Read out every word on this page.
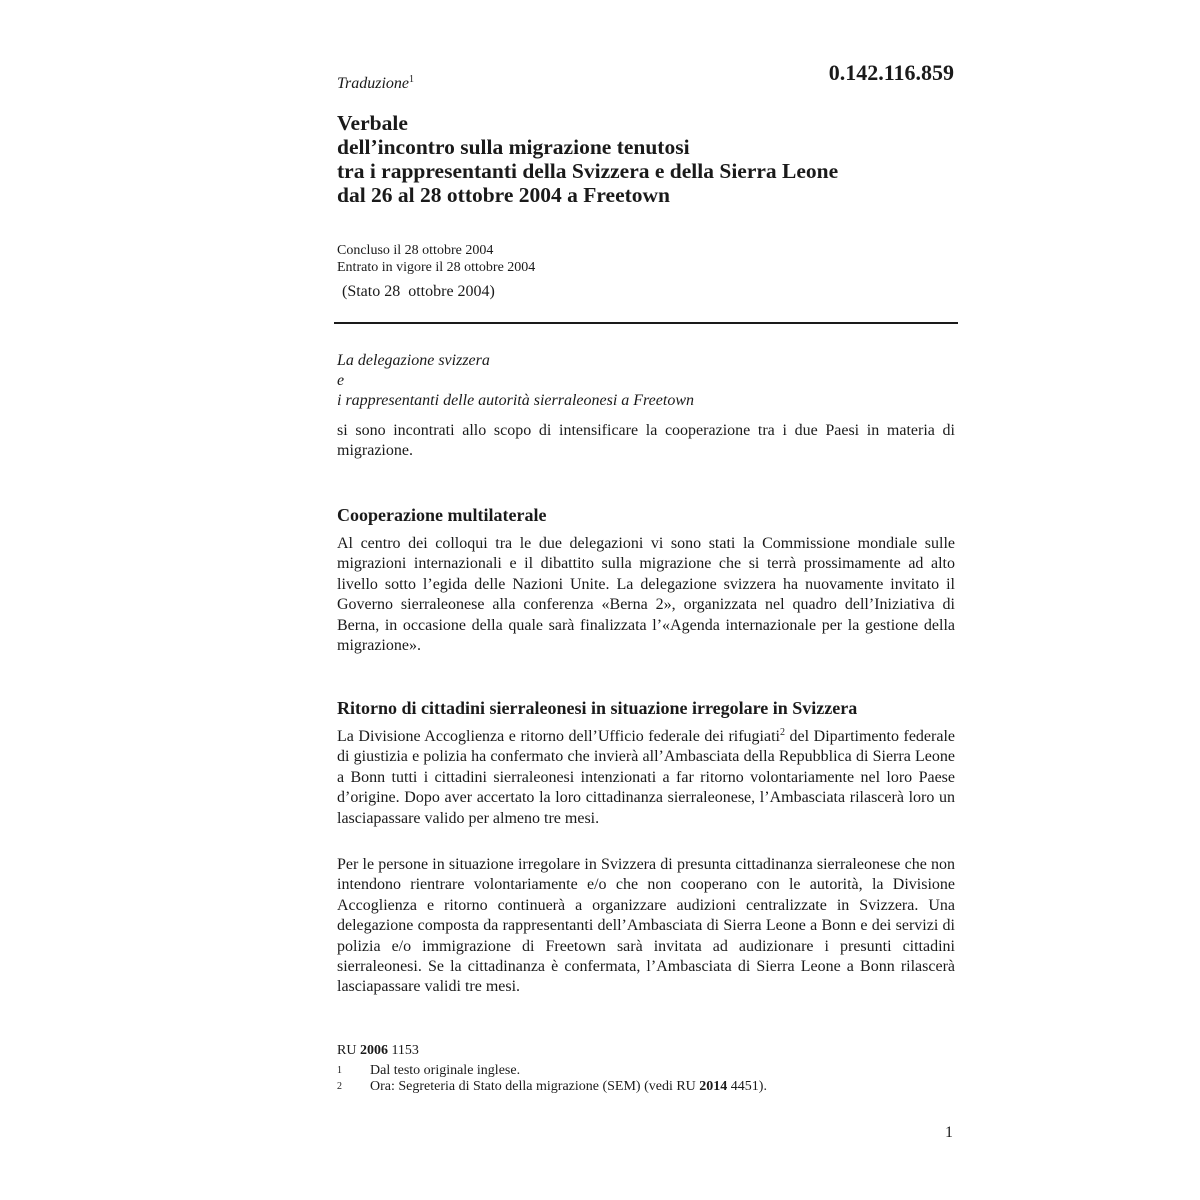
Traduzione$^1$	0.142.116.859
Verbale
dell’incontro sulla migrazione tenutosi
tra i rappresentanti della Svizzera e della Sierra Leone
dal 26 al 28 ottobre 2004 a Freetown
Concluso il 28 ottobre 2004
Entrato in vigore il 28 ottobre 2004
(Stato 28 ottobre 2004)
La delegazione svizzera
e
i rappresentanti delle autorità sierraleonesi a Freetown
si sono incontrati allo scopo di intensificare la cooperazione tra i due Paesi in materia di migrazione.
Cooperazione multilaterale
Al centro dei colloqui tra le due delegazioni vi sono stati la Commissione mondiale sulle migrazioni internazionali e il dibattito sulla migrazione che si terrà prossimamente ad alto livello sotto l’egida delle Nazioni Unite. La delegazione svizzera ha nuovamente invitato il Governo sierraleonese alla conferenza «Berna 2», organizzata nel quadro dell’Iniziativa di Berna, in occasione della quale sarà finalizzata l’«Agenda internazionale per la gestione della migrazione».
Ritorno di cittadini sierraleonesi in situazione irregolare in Svizzera
La Divisione Accoglienza e ritorno dell’Ufficio federale dei rifugiati$^2$ del Dipartimento federale di giustizia e polizia ha confermato che invierà all’Ambasciata della Repubblica di Sierra Leone a Bonn tutti i cittadini sierraleonesi intenzionati a far ritorno volontariamente nel loro Paese d’origine. Dopo aver accertato la loro cittadinanza sierraleonese, l’Ambasciata rilascerà loro un lasciapassare valido per almeno tre mesi.
Per le persone in situazione irregolare in Svizzera di presunta cittadinanza sierraleonese che non intendono rientrare volontariamente e/o che non cooperano con le autorità, la Divisione Accoglienza e ritorno continuerà a organizzare audizioni centralizzate in Svizzera. Una delegazione composta da rappresentanti dell’Ambasciata di Sierra Leone a Bonn e dei servizi di polizia e/o immigrazione di Freetown sarà invitata ad audizionare i presunti cittadini sierraleonesi. Se la cittadinanza è confermata, l’Ambasciata di Sierra Leone a Bonn rilascerà lasciapassare validi tre mesi.
RU 2006 1153
1	Dal testo originale inglese.
2	Ora: Segreteria di Stato della migrazione (SEM) (vedi RU 2014 4451).
1
